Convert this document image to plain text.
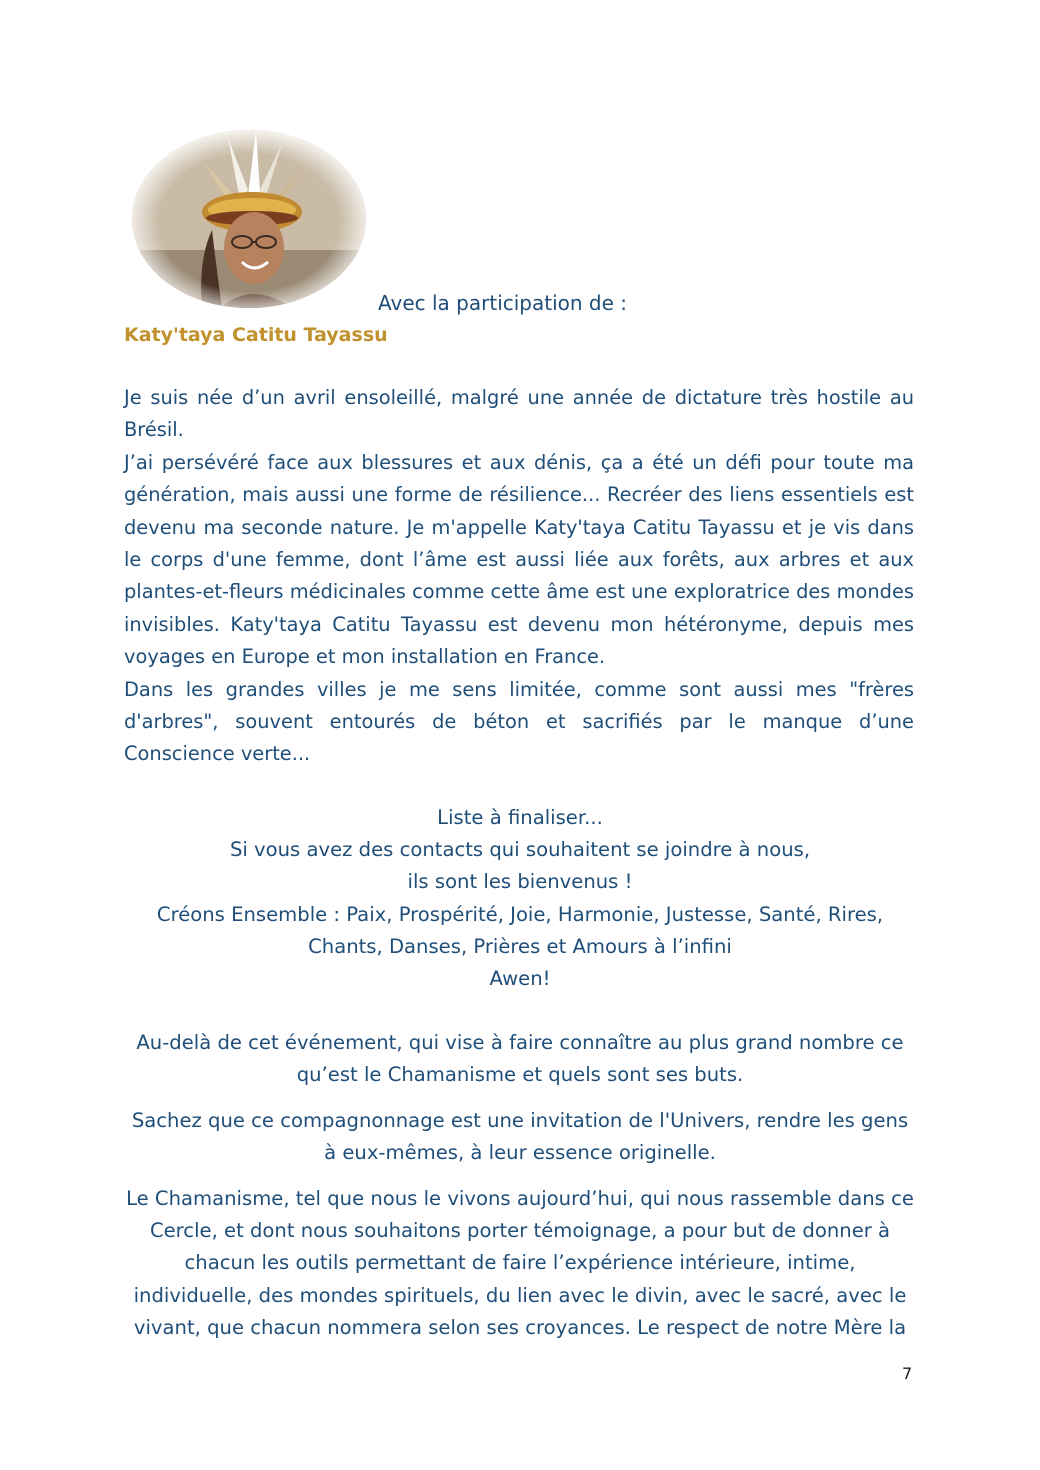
Avec la participation de :
Katy'taya Catitu Tayassu

Je suis née d’un avril ensoleillé, malgré une année de dictature très hostile au Brésil.

J’ai persévéré face aux blessures et aux dénis, ça a été un défi pour toute ma génération, mais aussi une forme de résilience... Recréer des liens essentiels est devenu ma seconde nature. Je m'appelle Katy'taya Catitu Tayassu et je vis dans le corps d'une femme, dont l’âme est aussi liée aux forêts, aux arbres et aux plantes-et-fleurs médicinales comme cette âme est une exploratrice des mondes invisibles. Katy'taya Catitu Tayassu est devenu mon hétéronyme, depuis mes voyages en Europe et mon installation en France.

Dans les grandes villes je me sens limitée, comme sont aussi mes "frères d'arbres", souvent entourés de béton et sacrifiés par le manque d’une Conscience verte...

Liste à finaliser...

Si vous avez des contacts qui souhaitent se joindre à nous,

ils sont les bienvenus !

Créons Ensemble : Paix, Prospérité, Joie, Harmonie, Justesse, Santé, Rires,

Chants, Danses, Prières et Amours à l’infini

Awen!

Au-delà de cet événement, qui vise à faire connaître au plus grand nombre ce

qu’est le Chamanisme et quels sont ses buts.

Sachez que ce compagnonnage est une invitation de l'Univers, rendre les gens

à eux-mêmes, à leur essence originelle.

Le Chamanisme, tel que nous le vivons aujourd’hui, qui nous rassemble dans ce

Cercle, et dont nous souhaitons porter témoignage, a pour but de donner à

chacun les outils permettant de faire l’expérience intérieure, intime,

individuelle, des mondes spirituels, du lien avec le divin, avec le sacré, avec le

vivant, que chacun nommera selon ses croyances. Le respect de notre Mère la

7
